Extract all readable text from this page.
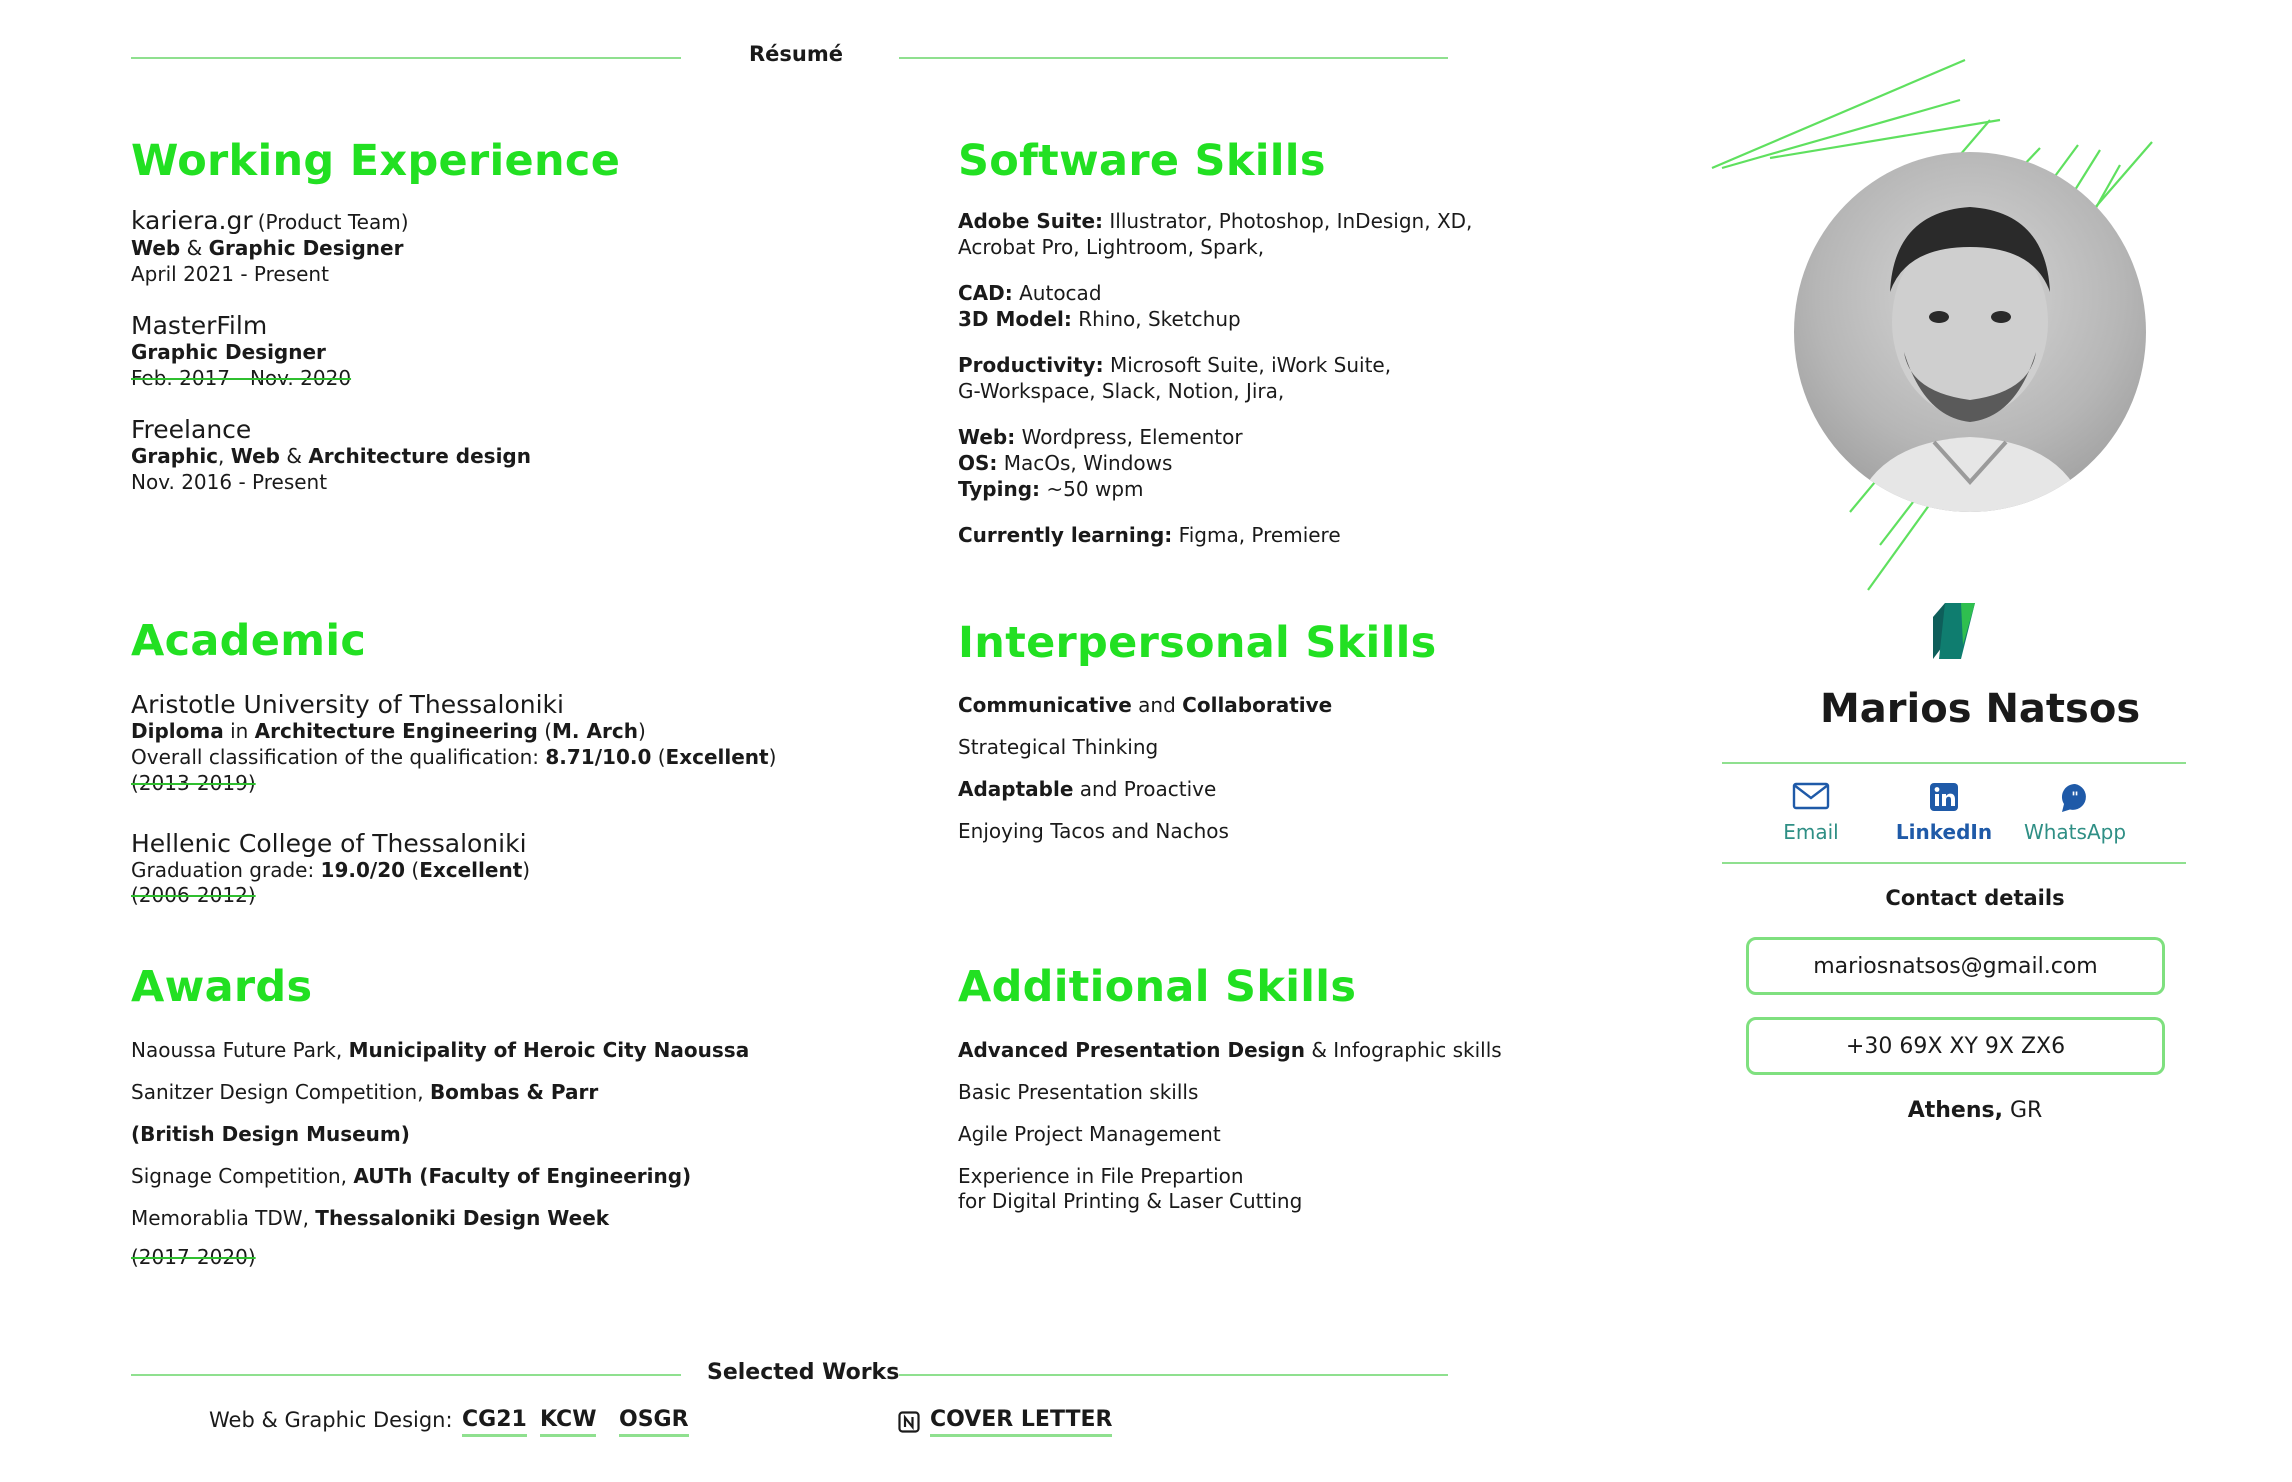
Résumé
Working Experience
kariera.gr (Product Team)
Web & Graphic Designer
April 2021 - Present
MasterFilm
Graphic Designer
Feb. 2017 - Nov. 2020
Freelance
Graphic, Web & Architecture design
Nov. 2016 - Present
Academic
Aristotle University of Thessaloniki
Diploma in Architecture Engineering (M. Arch)
Overall classification of the qualification: 8.71/10.0 (Excellent)
(2013-2019)
Hellenic College of Thessaloniki
Graduation grade: 19.0/20 (Excellent)
(2006-2012)
Awards
Naoussa Future Park, Municipality of Heroic City Naoussa
Sanitzer Design Competition, Bombas & Parr
(British Design Museum)
Signage Competition, AUTh (Faculty of Engineering)
Memorablia TDW, Thessaloniki Design Week
(2017-2020)
Software Skills
Adobe Suite: Illustrator, Photoshop, InDesign, XD,
Acrobat Pro, Lightroom, Spark,
CAD: Autocad
3D Model: Rhino, Sketchup
Productivity: Microsoft Suite, iWork Suite,
G-Workspace, Slack, Notion, Jira,
Web: Wordpress, Elementor
OS: MacOs, Windows
Typing: ~50 wpm
Currently learning: Figma, Premiere
Interpersonal Skills
Communicative and Collaborative
Strategical Thinking
Adaptable and Proactive
Enjoying Tacos and Nachos
Additional Skills
Advanced Presentation Design & Infographic skills
Basic Presentation skills
Agile Project Management
Experience in File Prepartion
for Digital Printing & Laser Cutting
Selected Works
Web & Graphic Design: CG21 KCW OSGR	COVER LETTER
Marios Natsos
Email	LinkedIn
"
WhatsApp
Contact details
mariosnatsos@gmail.com
+30 69X XY 9X ZX6
Athens, GR
